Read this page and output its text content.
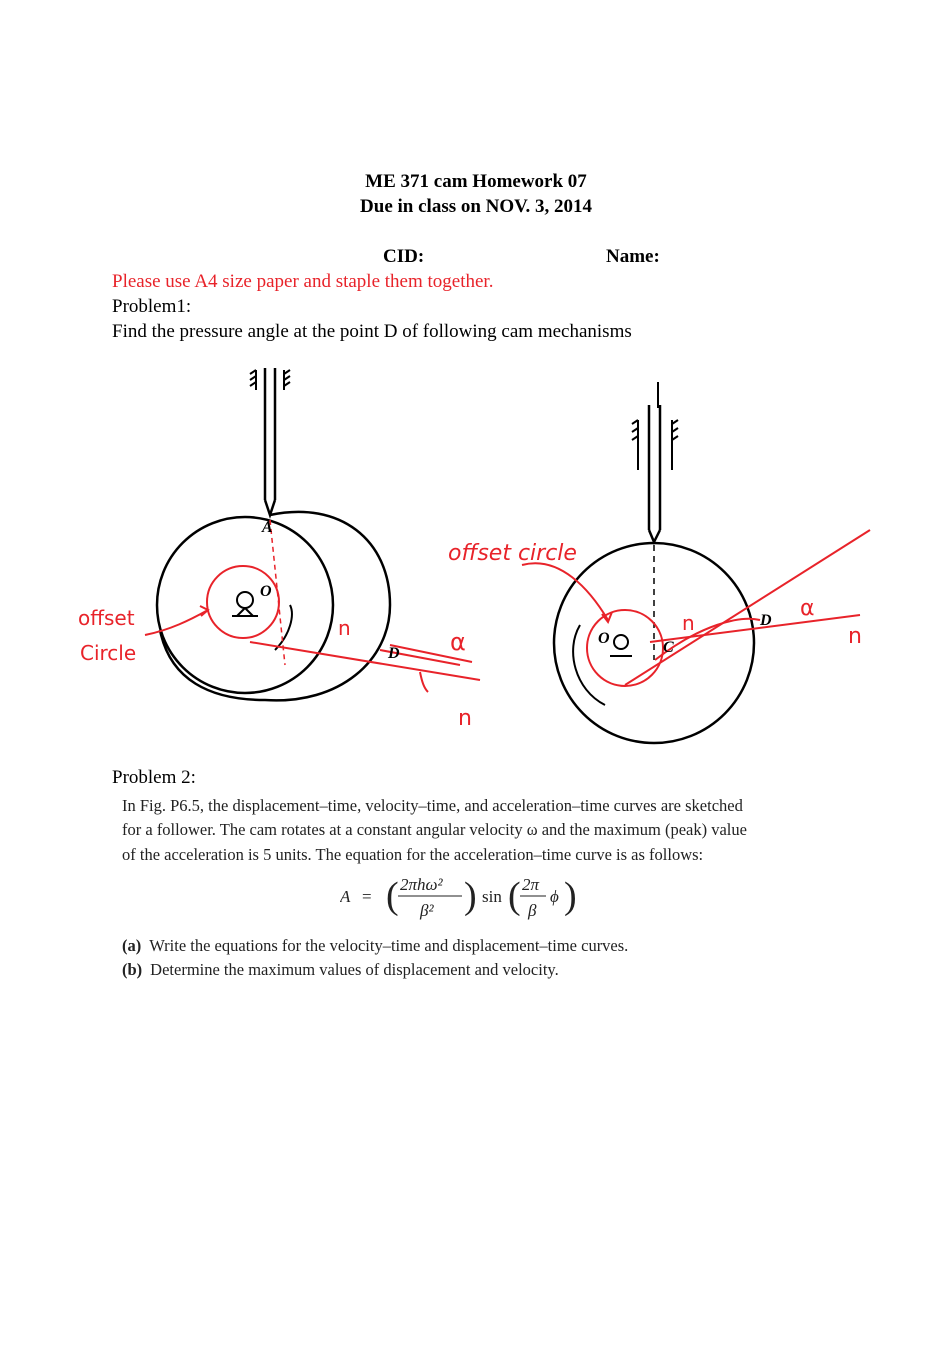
ME 371 cam Homework 07
Due in class on NOV. 3, 2014
CID:	Name:
Please use A4 size paper and staple them together.
Problem1:
Find the pressure angle at the point D of following cam mechanisms
A
O
D
n
n
α
offset
Circle
O
C
D
offset circle
n
n
α
Problem 2:
In Fig. P6.5, the displacement–time, velocity–time, and acceleration–time curves are sketched
for a follower. The cam rotates at a constant angular velocity ω and the maximum (peak) value
of the acceleration is 5 units. The equation for the acceleration–time curve is as follows:
A = ( 2πhω²
β² ) sin ( 2π
β
ϕ )
(a) Write the equations for the velocity–time and displacement–time curves.
(b) Determine the maximum values of displacement and velocity.
